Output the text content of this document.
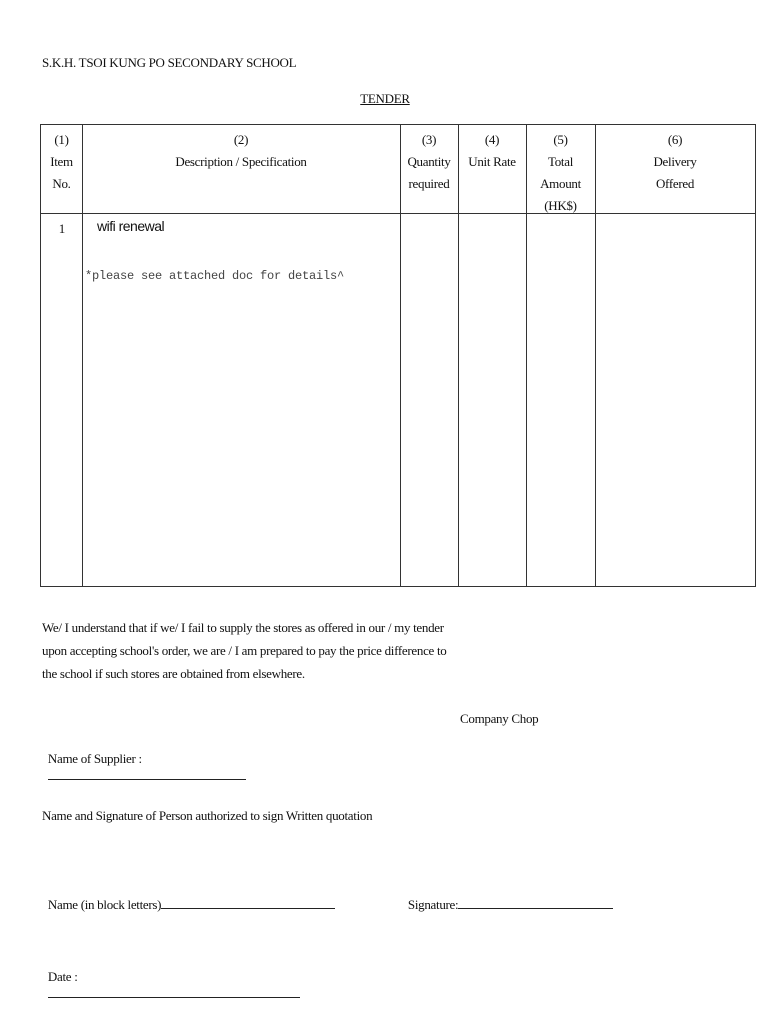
S.K.H. TSOI KUNG PO SECONDARY SCHOOL
TENDER
(1)
Item No.
(2)
Description / Specification
(3)
Quantity
required
(4)
Unit Rate
(5)
Total
Amount
(HK$)
(6)
Delivery
Offered
1	wifi renewal
*please see attached doc for details^
We/ I understand that if we/ I fail to supply the stores as offered in our / my tender upon accepting school's order, we are / I am prepared to pay the price difference to the school if such stores are obtained from elsewhere.
Company Chop

Name of Supplier :

Name and Signature of Person authorized to sign Written quotation

Name (in block letters)	Signature:

Date :
